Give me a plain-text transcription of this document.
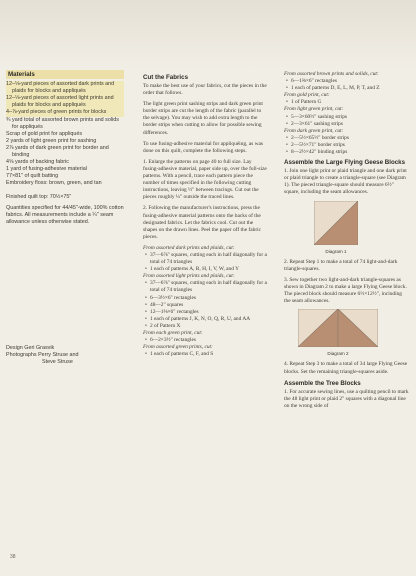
Materials
12–⅛-yard pieces of assorted dark prints and plaids for blocks and appliqués
12–⅛-yard pieces of assorted light prints and plaids for blocks and appliqués
4–⅞-yard pieces of green prints for blocks
¾ yard total of assorted brown prints and solids for appliqués
Scrap of gold print for appliqués
2 yards of light green print for sashing
2⅞ yards of dark green print for border and binding
4⅝ yards of backing fabric
1 yard of fusing-adhesive material
77×81" of quilt batting
Embroidery floss: brown, green, and tan

Finished quilt top: 70½×75"

Quantities specified for 44/45"-wide, 100% cotton fabrics. All measurements include a ¼" seam allowance unless otherwise stated.

Design Geri Grasvik
Photographs Perry Struse and
Steve Struse
Cut the Fabrics

To make the best use of your fabrics, cut the pieces in the order that follows.

The light green print sashing strips and dark green print border strips are cut the length of the fabric (parallel to the selvage). You may wish to add extra length to the border strips when cutting to allow for possible sewing differences.

To use fusing-adhesive material for appliquéing, as was done on this quilt, complete the following steps.

1. Enlarge the patterns on page 40 to full size. Lay fusing-adhesive material, paper side up, over the full-size patterns. With a pencil, trace each pattern piece the number of times specified in the following cutting instructions, leaving ½" between tracings. Cut out the pieces roughly ¼" outside the traced lines.

2. Following the manufacturer's instructions, press the fusing-adhesive material patterns onto the backs of the designated fabrics. Let the fabrics cool. Cut out the shapes on the drawn lines. Peel the paper off the fabric pieces.

From assorted dark prints and plaids, cut:
• 37—6⅞" squares, cutting each in half diagonally for a total of 74 triangles
• 1 each of patterns A, B, H, I, V, W, and Y
From assorted light prints and plaids, cut:
• 37—6⅞" squares, cutting each in half diagonally for a total of 74 triangles
• 6—3½×6" rectangles
• 48—2" squares
• 12—1⅜×6" rectangles
• 1 each of patterns J, K, N, O, Q, R, U, and AA
• 2 of Pattern X
From each green print, cut:
• 6—2×3½" rectangles
From assorted green prints, cut:
• 1 each of patterns C, F, and S
From assorted brown prints and solids, cut:
• 6—1⅜×6" rectangles
• 1 each of patterns D, E, L, M, P, T, and Z
From gold print, cut:
• 1 of Pattern G
From light green print, cut:
• 5—3×60½" sashing strips
• 2—3×61" sashing strips
From dark green print, cut:
• 2—5½×65½" border strips
• 2—5½×71" border strips
• 8—2½×42" binding strips
Assemble the Large Flying Geese Blocks

1. Join one light print or plaid triangle and one dark print or plaid triangle to create a triangle-square (see Diagram 1). The pieced triangle-square should measure 6½" square, including the seam allowances.

Diagram 1

2. Repeat Step 1 to make a total of 74 light-and-dark triangle-squares.

3. Sew together two light-and-dark triangle-squares as shown in Diagram 2 to make a large Flying Geese block. The pieced block should measure 6½×12½", including the seam allowances.

Diagram 2

4. Repeat Step 3 to make a total of 34 large Flying Geese blocks. Set the remaining triangle-squares aside.

Assemble the Tree Blocks

1. For accurate sewing lines, use a quilting pencil to mark the 48 light print or plaid 2" squares with a diagonal line on the wrong side of

38
